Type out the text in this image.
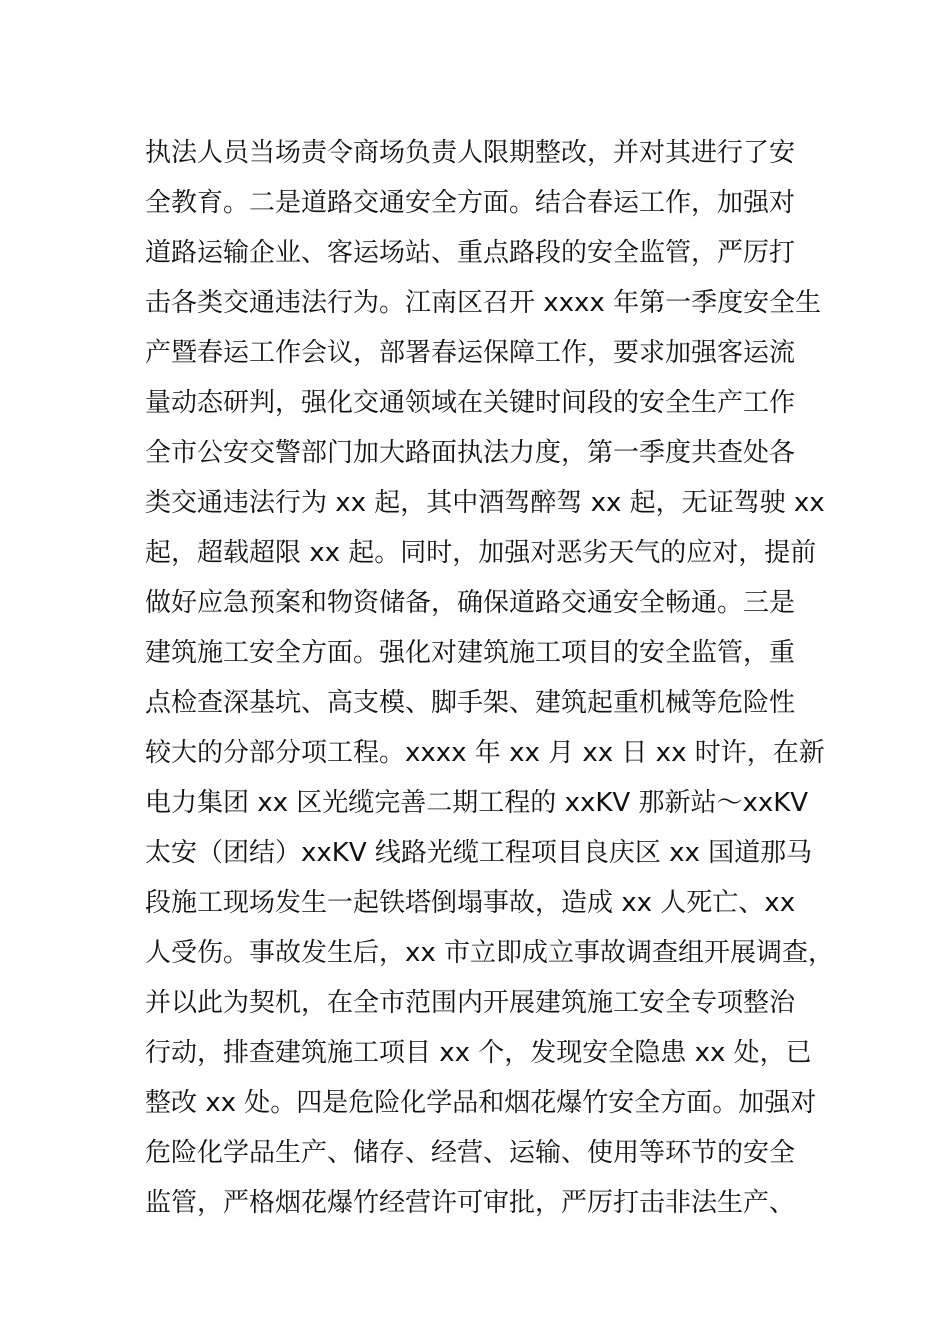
执法人员当场责令商场负责人限期整改，并对其进行了安
全教育。二是道路交通安全方面。结合春运工作，加强对
道路运输企业、客运场站、重点路段的安全监管，严厉打
击各类交通违法行为。江南区召开 xxxx 年第一季度安全生
产暨春运工作会议，部署春运保障工作，要求加强客运流
量动态研判，强化交通领域在关键时间段的安全生产工作
全市公安交警部门加大路面执法力度，第一季度共查处各
类交通违法行为 xx 起，其中酒驾醉驾 xx 起，无证驾驶 xx
起，超载超限 xx 起。同时，加强对恶劣天气的应对，提前
做好应急预案和物资储备，确保道路交通安全畅通。三是
建筑施工安全方面。强化对建筑施工项目的安全监管，重
点检查深基坑、高支模、脚手架、建筑起重机械等危险性
较大的分部分项工程。xxxx 年 xx 月 xx 日 xx 时许，在新
电力集团 xx 区光缆完善二期工程的 xxKV 那新站～xxKV
太安（团结）xxKV 线路光缆工程项目良庆区 xx 国道那马
段施工现场发生一起铁塔倒塌事故，造成 xx 人死亡、xx
人受伤。事故发生后，xx 市立即成立事故调查组开展调查，
并以此为契机，在全市范围内开展建筑施工安全专项整治
行动，排查建筑施工项目 xx 个，发现安全隐患 xx 处，已
整改 xx 处。四是危险化学品和烟花爆竹安全方面。加强对
危险化学品生产、储存、经营、运输、使用等环节的安全
监管，严格烟花爆竹经营许可审批，严厉打击非法生产、
